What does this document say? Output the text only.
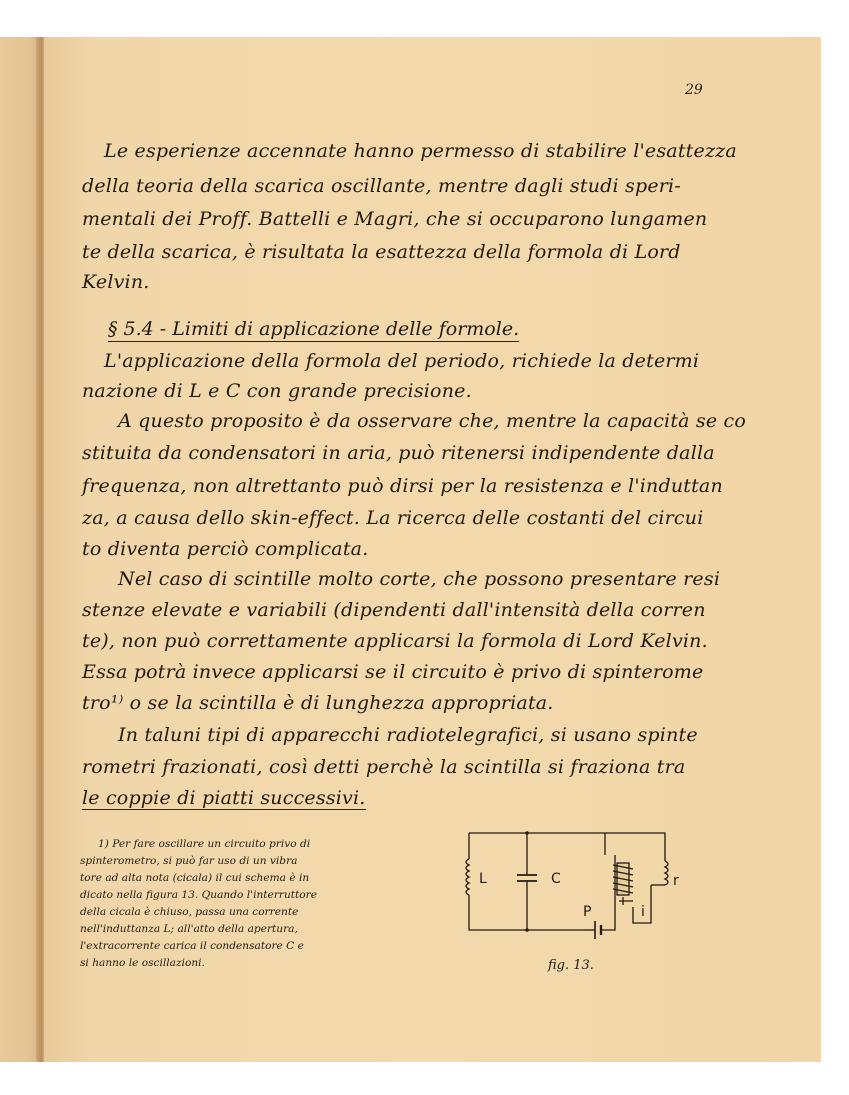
29
Le esperienze accennate hanno permesso di stabilire l'esattezza
della teoria della scarica oscillante, mentre dagli studi speri-
mentali dei Proff. Battelli e Magri, che si occuparono lungamen
te della scarica, è risultata la esattezza della formola di Lord
Kelvin.
§ 5.4 - Limiti di applicazione delle formole.
L'applicazione della formola del periodo, richiede la determi
nazione di L e C con grande precisione.
A questo proposito è da osservare che, mentre la capacità se co
stituita da condensatori in aria, può ritenersi indipendente dalla
frequenza, non altrettanto può dirsi per la resistenza e l'induttan
za, a causa dello skin-effect. La ricerca delle costanti del circui
to diventa perciò complicata.
Nel caso di scintille molto corte, che possono presentare resi
stenze elevate e variabili (dipendenti dall'intensità della corren
te), non può correttamente applicarsi la formola di Lord Kelvin.
Essa potrà invece applicarsi se il circuito è privo di spinterome
tro¹⁾ o se la scintilla è di lunghezza appropriata.
In taluni tipi di apparecchi radiotelegrafici, si usano spinte
rometri frazionati, così detti perchè la scintilla si fraziona tra
le coppie di piatti successivi.
1) Per fare oscillare un circuito privo di
spinterometro, si può far uso di un vibra
tore ad alta nota (cicala) il cui schema è in
dicato nella figura 13. Quando l'interruttore
della cicala è chiuso, passa una corrente
nell'induttanza L; all'atto della apertura,
l'extracorrente carica il condensatore C e
si hanno le oscillazioni.
L	C
P	i
r
fig. 13.
